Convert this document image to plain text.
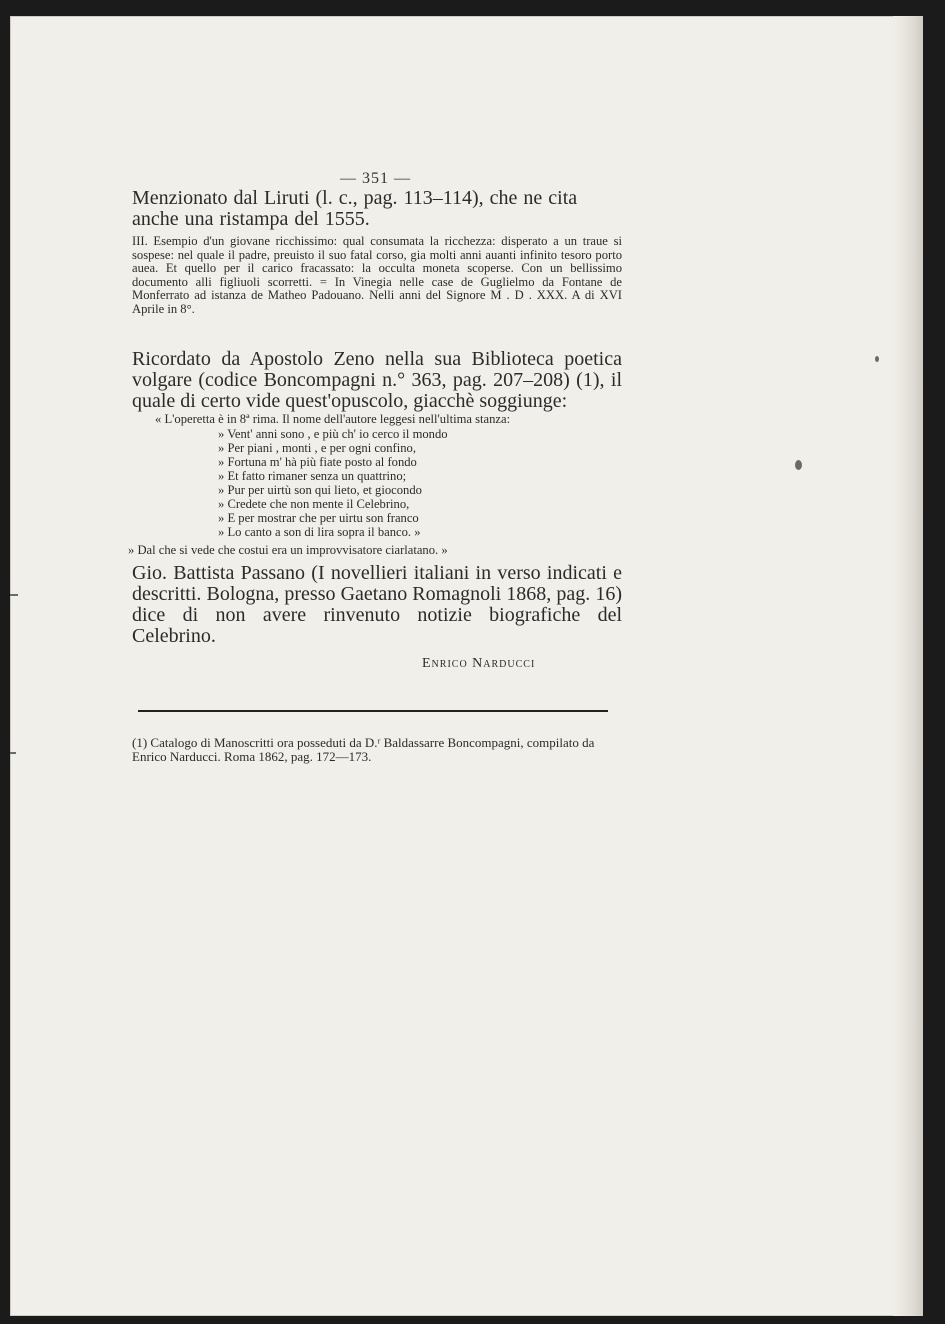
— 351 —
Menzionato dal Liruti (l. c., pag. 113–114), che ne cita anche una ristampa del 1555.
III. Esempio d'un giovane ricchissimo: qual consumata la ricchezza: disperato a un traue si sospese: nel quale il padre, preuisto il suo fatal corso, gia molti anni auanti infinito tesoro porto auea. Et quello per il carico fracassato: la occulta moneta scoperse. Con un bellissimo documento alli figliuoli scorretti. = In Vinegia nelle case de Guglielmo da Fontane de Monferrato ad istanza de Matheo Padouano. Nelli anni del Signore M . D . XXX. A di XVI Aprile in 8°.
Ricordato da Apostolo Zeno nella sua Biblioteca poetica volgare (codice Boncompagni n.° 363, pag. 207–208) (1), il quale di certo vide quest'opuscolo, giacchè soggiunge:
« L'operetta è in 8ª rima. Il nome dell'autore leggesi nell'ultima stanza:
» Vent' anni sono , e più ch' io cerco il mondo
» Per piani , monti , e per ogni confino,
» Fortuna m' hà più fiate posto al fondo
» Et fatto rimaner senza un quattrino;
» Pur per uirtù son qui lieto, et giocondo
» Credete che non mente il Celebrino,
» E per mostrar che per uirtu son franco
» Lo canto a son di lira sopra il banco. »
» Dal che si vede che costui era un improvvisatore ciarlatano. »
Gio. Battista Passano (I novellieri italiani in verso indicati e descritti. Bologna, presso Gaetano Romagnoli 1868, pag. 16) dice di non avere rinvenuto notizie biografiche del Celebrino.
Enrico Narducci
(1) Catalogo di Manoscritti ora posseduti da D.ʳ Baldassarre Boncompagni, compilato da Enrico Narducci. Roma 1862, pag. 172—173.
